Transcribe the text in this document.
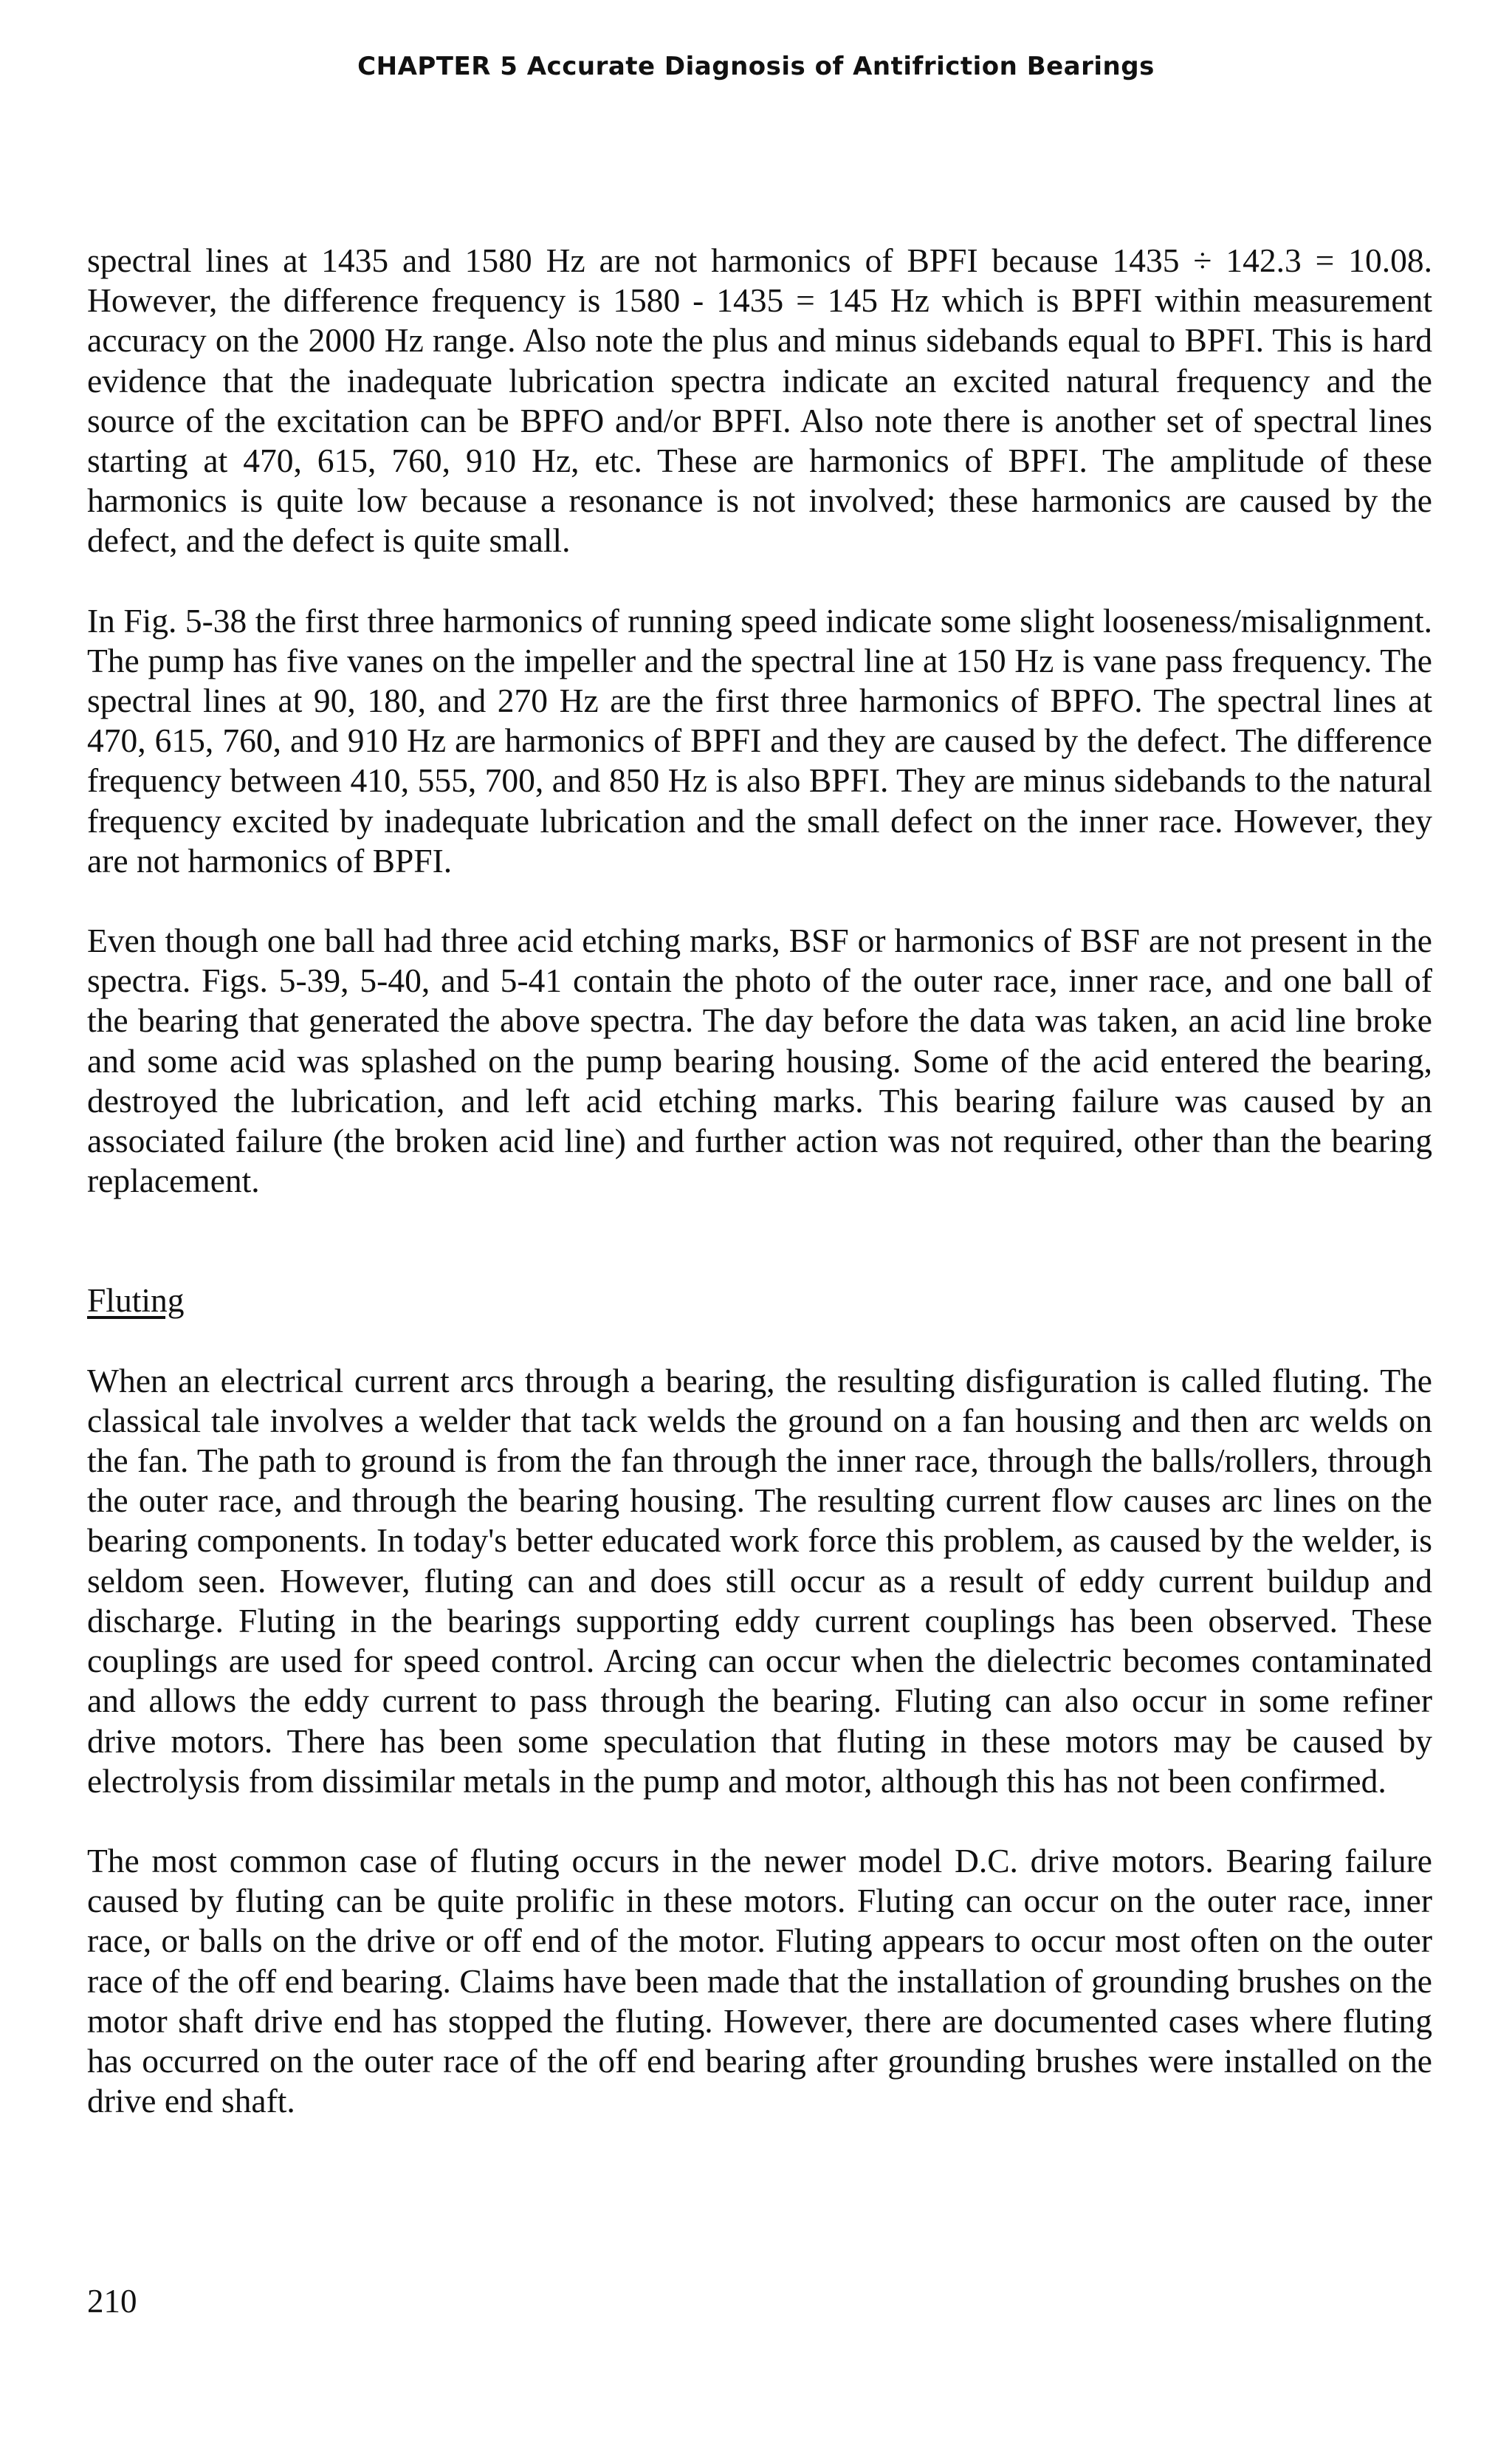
CHAPTER 5 Accurate Diagnosis of Antifriction Bearings

spectral lines at 1435 and 1580 Hz are not harmonics of BPFI because 1435 ÷ 142.3 = 10.08. However, the difference frequency is 1580 - 1435 = 145 Hz which is BPFI within measurement accuracy on the 2000 Hz range. Also note the plus and minus sidebands equal to BPFI. This is hard evidence that the inadequate lubrication spectra indicate an excited natural frequency and the source of the excitation can be BPFO and/or BPFI. Also note there is another set of spectral lines starting at 470, 615, 760, 910 Hz, etc. These are harmonics of BPFI. The amplitude of these harmonics is quite low because a resonance is not involved; these harmonics are caused by the defect, and the defect is quite small.

In Fig. 5-38 the first three harmonics of running speed indicate some slight looseness/misalignment. The pump has five vanes on the impeller and the spectral line at 150 Hz is vane pass frequency. The spectral lines at 90, 180, and 270 Hz are the first three harmonics of BPFO. The spectral lines at 470, 615, 760, and 910 Hz are harmonics of BPFI and they are caused by the defect. The difference frequency between 410, 555, 700, and 850 Hz is also BPFI. They are minus sidebands to the natural frequency excited by inadequate lubrication and the small defect on the inner race. However, they are not harmonics of BPFI.

Even though one ball had three acid etching marks, BSF or harmonics of BSF are not present in the spectra. Figs. 5-39, 5-40, and 5-41 contain the photo of the outer race, inner race, and one ball of the bearing that generated the above spectra. The day before the data was taken, an acid line broke and some acid was splashed on the pump bearing housing. Some of the acid entered the bearing, destroyed the lubrication, and left acid etching marks. This bearing failure was caused by an associated failure (the broken acid line) and further action was not required, other than the bearing replacement.

Fluting

When an electrical current arcs through a bearing, the resulting disfiguration is called fluting. The classical tale involves a welder that tack welds the ground on a fan housing and then arc welds on the fan. The path to ground is from the fan through the inner race, through the balls/rollers, through the outer race, and through the bearing housing. The resulting current flow causes arc lines on the bearing components. In today's better educated work force this problem, as caused by the welder, is seldom seen. However, fluting can and does still occur as a result of eddy current buildup and discharge. Fluting in the bearings supporting eddy current couplings has been observed. These couplings are used for speed control. Arcing can occur when the dielectric becomes contaminated and allows the eddy current to pass through the bearing. Fluting can also occur in some refiner drive motors. There has been some speculation that fluting in these motors may be caused by electrolysis from dissimilar metals in the pump and motor, although this has not been confirmed.

The most common case of fluting occurs in the newer model D.C. drive motors. Bearing failure caused by fluting can be quite prolific in these motors. Fluting can occur on the outer race, inner race, or balls on the drive or off end of the motor. Fluting appears to occur most often on the outer race of the off end bearing. Claims have been made that the installation of grounding brushes on the motor shaft drive end has stopped the fluting. However, there are documented cases where fluting has occurred on the outer race of the off end bearing after grounding brushes were installed on the drive end shaft.

210
